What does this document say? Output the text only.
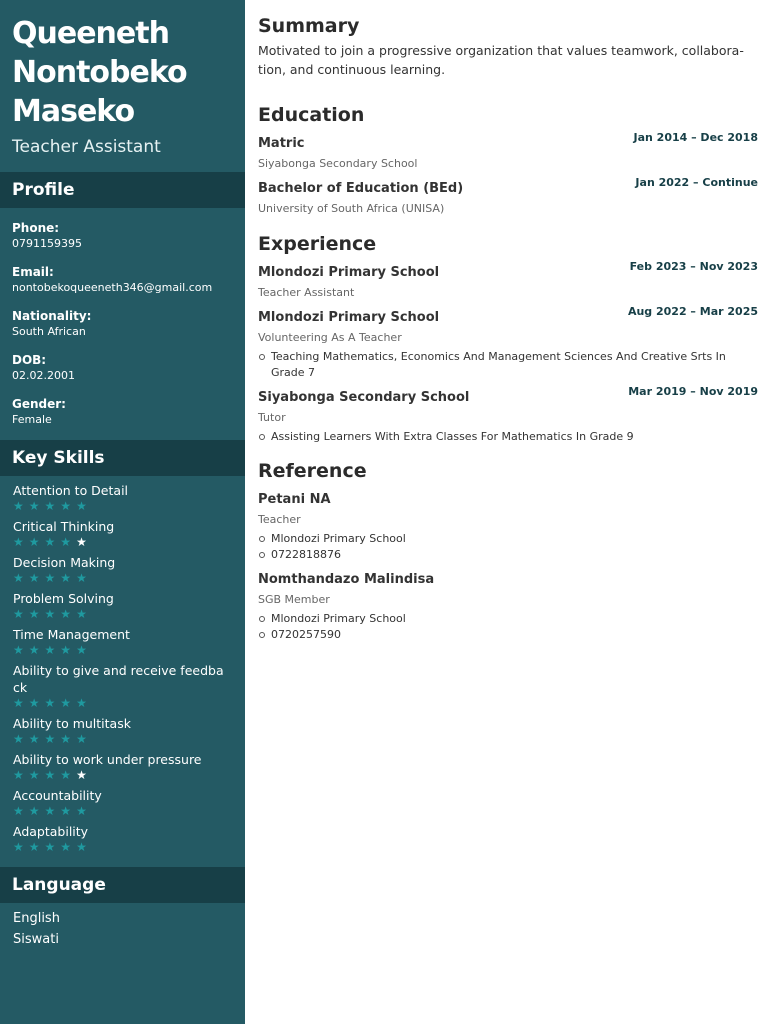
Queeneth
Nontobeko
Maseko
Teacher Assistant
Profile
Phone:
0791159395
Email:
nontobekoqueeneth346@gmail.com
Nationality:
South African
DOB:
02.02.2001
Gender:
Female
Key Skills
Attention to Detail
★★★★★
Critical Thinking
★★★★★
Decision Making
★★★★★
Problem Solving
★★★★★
Time Management
★★★★★
Ability to give and receive feedba ck
★★★★★
Ability to multitask
★★★★★
Ability to work under pressure
★★★★★
Accountability
★★★★★
Adaptability
★★★★★
Language
English
Siswati
Summary

Motivated to join a progressive organization that values teamwork, collabora-tion, and continuous learning.

Education
Matric	Jan 2014 – Dec 2018
Siyabonga Secondary School
Bachelor of Education (BEd)	Jan 2022 – Continue
University of South Africa (UNISA)
Experience
Mlondozi Primary School	Feb 2023 – Nov 2023
Teacher Assistant
Mlondozi Primary School	Aug 2022 – Mar 2025
Volunteering As A Teacher
Teaching Mathematics, Economics And Management Sciences And Creative Srts In Grade 7
Siyabonga Secondary School	Mar 2019 – Nov 2019
Tutor
Assisting Learners With Extra Classes For Mathematics In Grade 9
Reference
Petani NA
Teacher
Mlondozi Primary School
0722818876
Nomthandazo Malindisa
SGB Member
Mlondozi Primary School
0720257590
